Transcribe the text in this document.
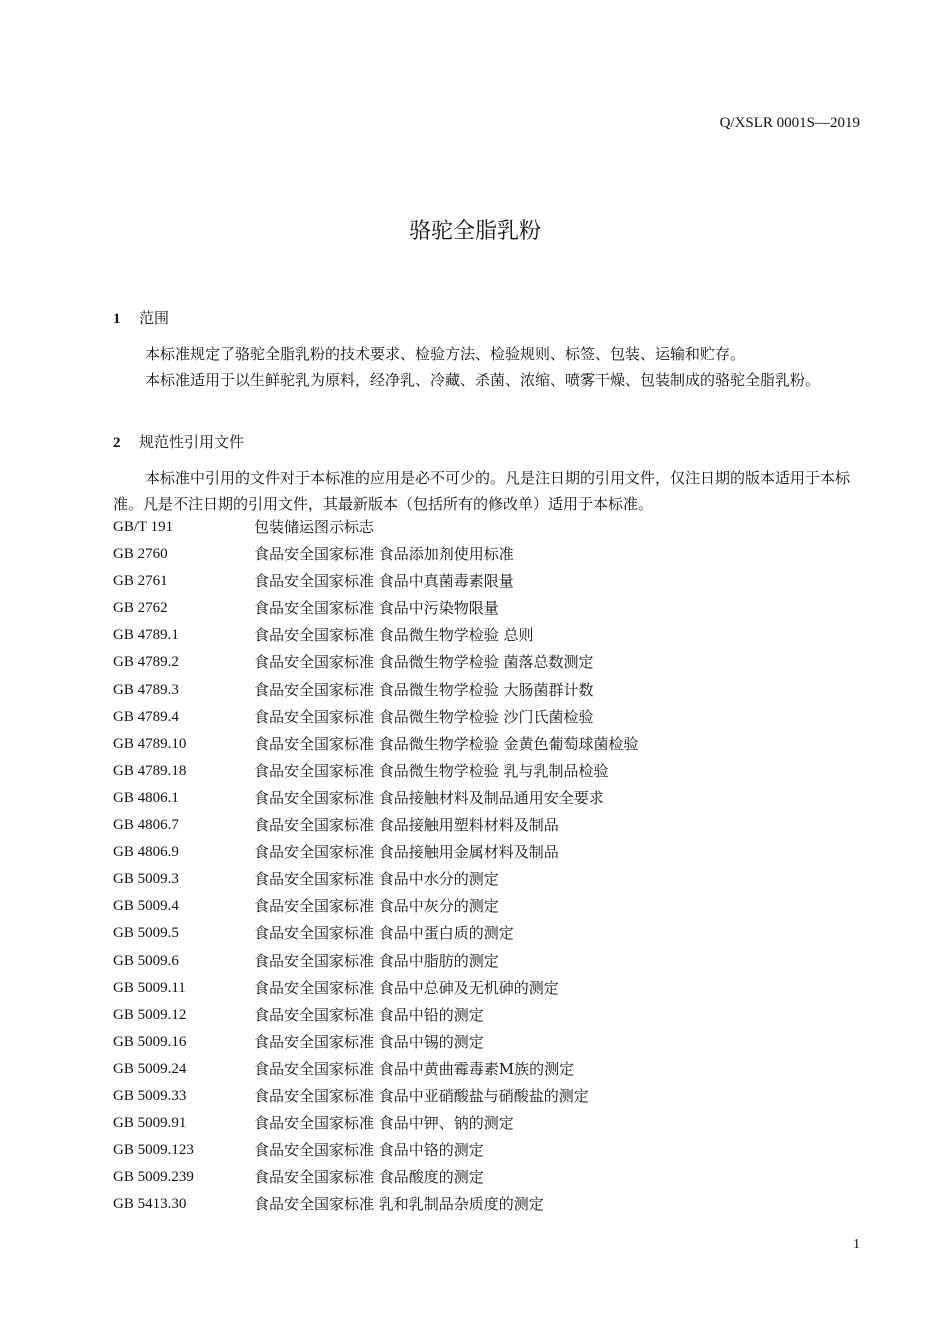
Q/XSLR 0001S—2019
骆驼全脂乳粉
1 范围
本标准规定了骆驼全脂乳粉的技术要求、检验方法、检验规则、标签、包装、运输和贮存。
本标准适用于以生鲜驼乳为原料，经净乳、冷藏、杀菌、浓缩、喷雾干燥、包装制成的骆驼全脂乳粉。
2 规范性引用文件
本标准中引用的文件对于本标准的应用是必不可少的。凡是注日期的引用文件，仅注日期的版本适用于本标准。凡是不注日期的引用文件，其最新版本（包括所有的修改单）适用于本标准。
GB/T 191	包装储运图示标志
GB 2760	食品安全国家标准 食品添加剂使用标准
GB 2761	食品安全国家标准 食品中真菌毒素限量
GB 2762	食品安全国家标准 食品中污染物限量
GB 4789.1	食品安全国家标准 食品微生物学检验 总则
GB 4789.2	食品安全国家标准 食品微生物学检验 菌落总数测定
GB 4789.3	食品安全国家标准 食品微生物学检验 大肠菌群计数
GB 4789.4	食品安全国家标准 食品微生物学检验 沙门氏菌检验
GB 4789.10	食品安全国家标准 食品微生物学检验 金黄色葡萄球菌检验
GB 4789.18	食品安全国家标准 食品微生物学检验 乳与乳制品检验
GB 4806.1	食品安全国家标准 食品接触材料及制品通用安全要求
GB 4806.7	食品安全国家标准 食品接触用塑料材料及制品
GB 4806.9	食品安全国家标准 食品接触用金属材料及制品
GB 5009.3	食品安全国家标准 食品中水分的测定
GB 5009.4	食品安全国家标准 食品中灰分的测定
GB 5009.5	食品安全国家标准 食品中蛋白质的测定
GB 5009.6	食品安全国家标准 食品中脂肪的测定
GB 5009.11	食品安全国家标准 食品中总砷及无机砷的测定
GB 5009.12	食品安全国家标准 食品中铅的测定
GB 5009.16	食品安全国家标准 食品中锡的测定
GB 5009.24	食品安全国家标准 食品中黄曲霉毒素M族的测定
GB 5009.33	食品安全国家标准 食品中亚硝酸盐与硝酸盐的测定
GB 5009.91	食品安全国家标准 食品中钾、钠的测定
GB 5009.123	食品安全国家标准 食品中铬的测定
GB 5009.239	食品安全国家标准 食品酸度的测定
GB 5413.30	食品安全国家标准 乳和乳制品杂质度的测定
1
